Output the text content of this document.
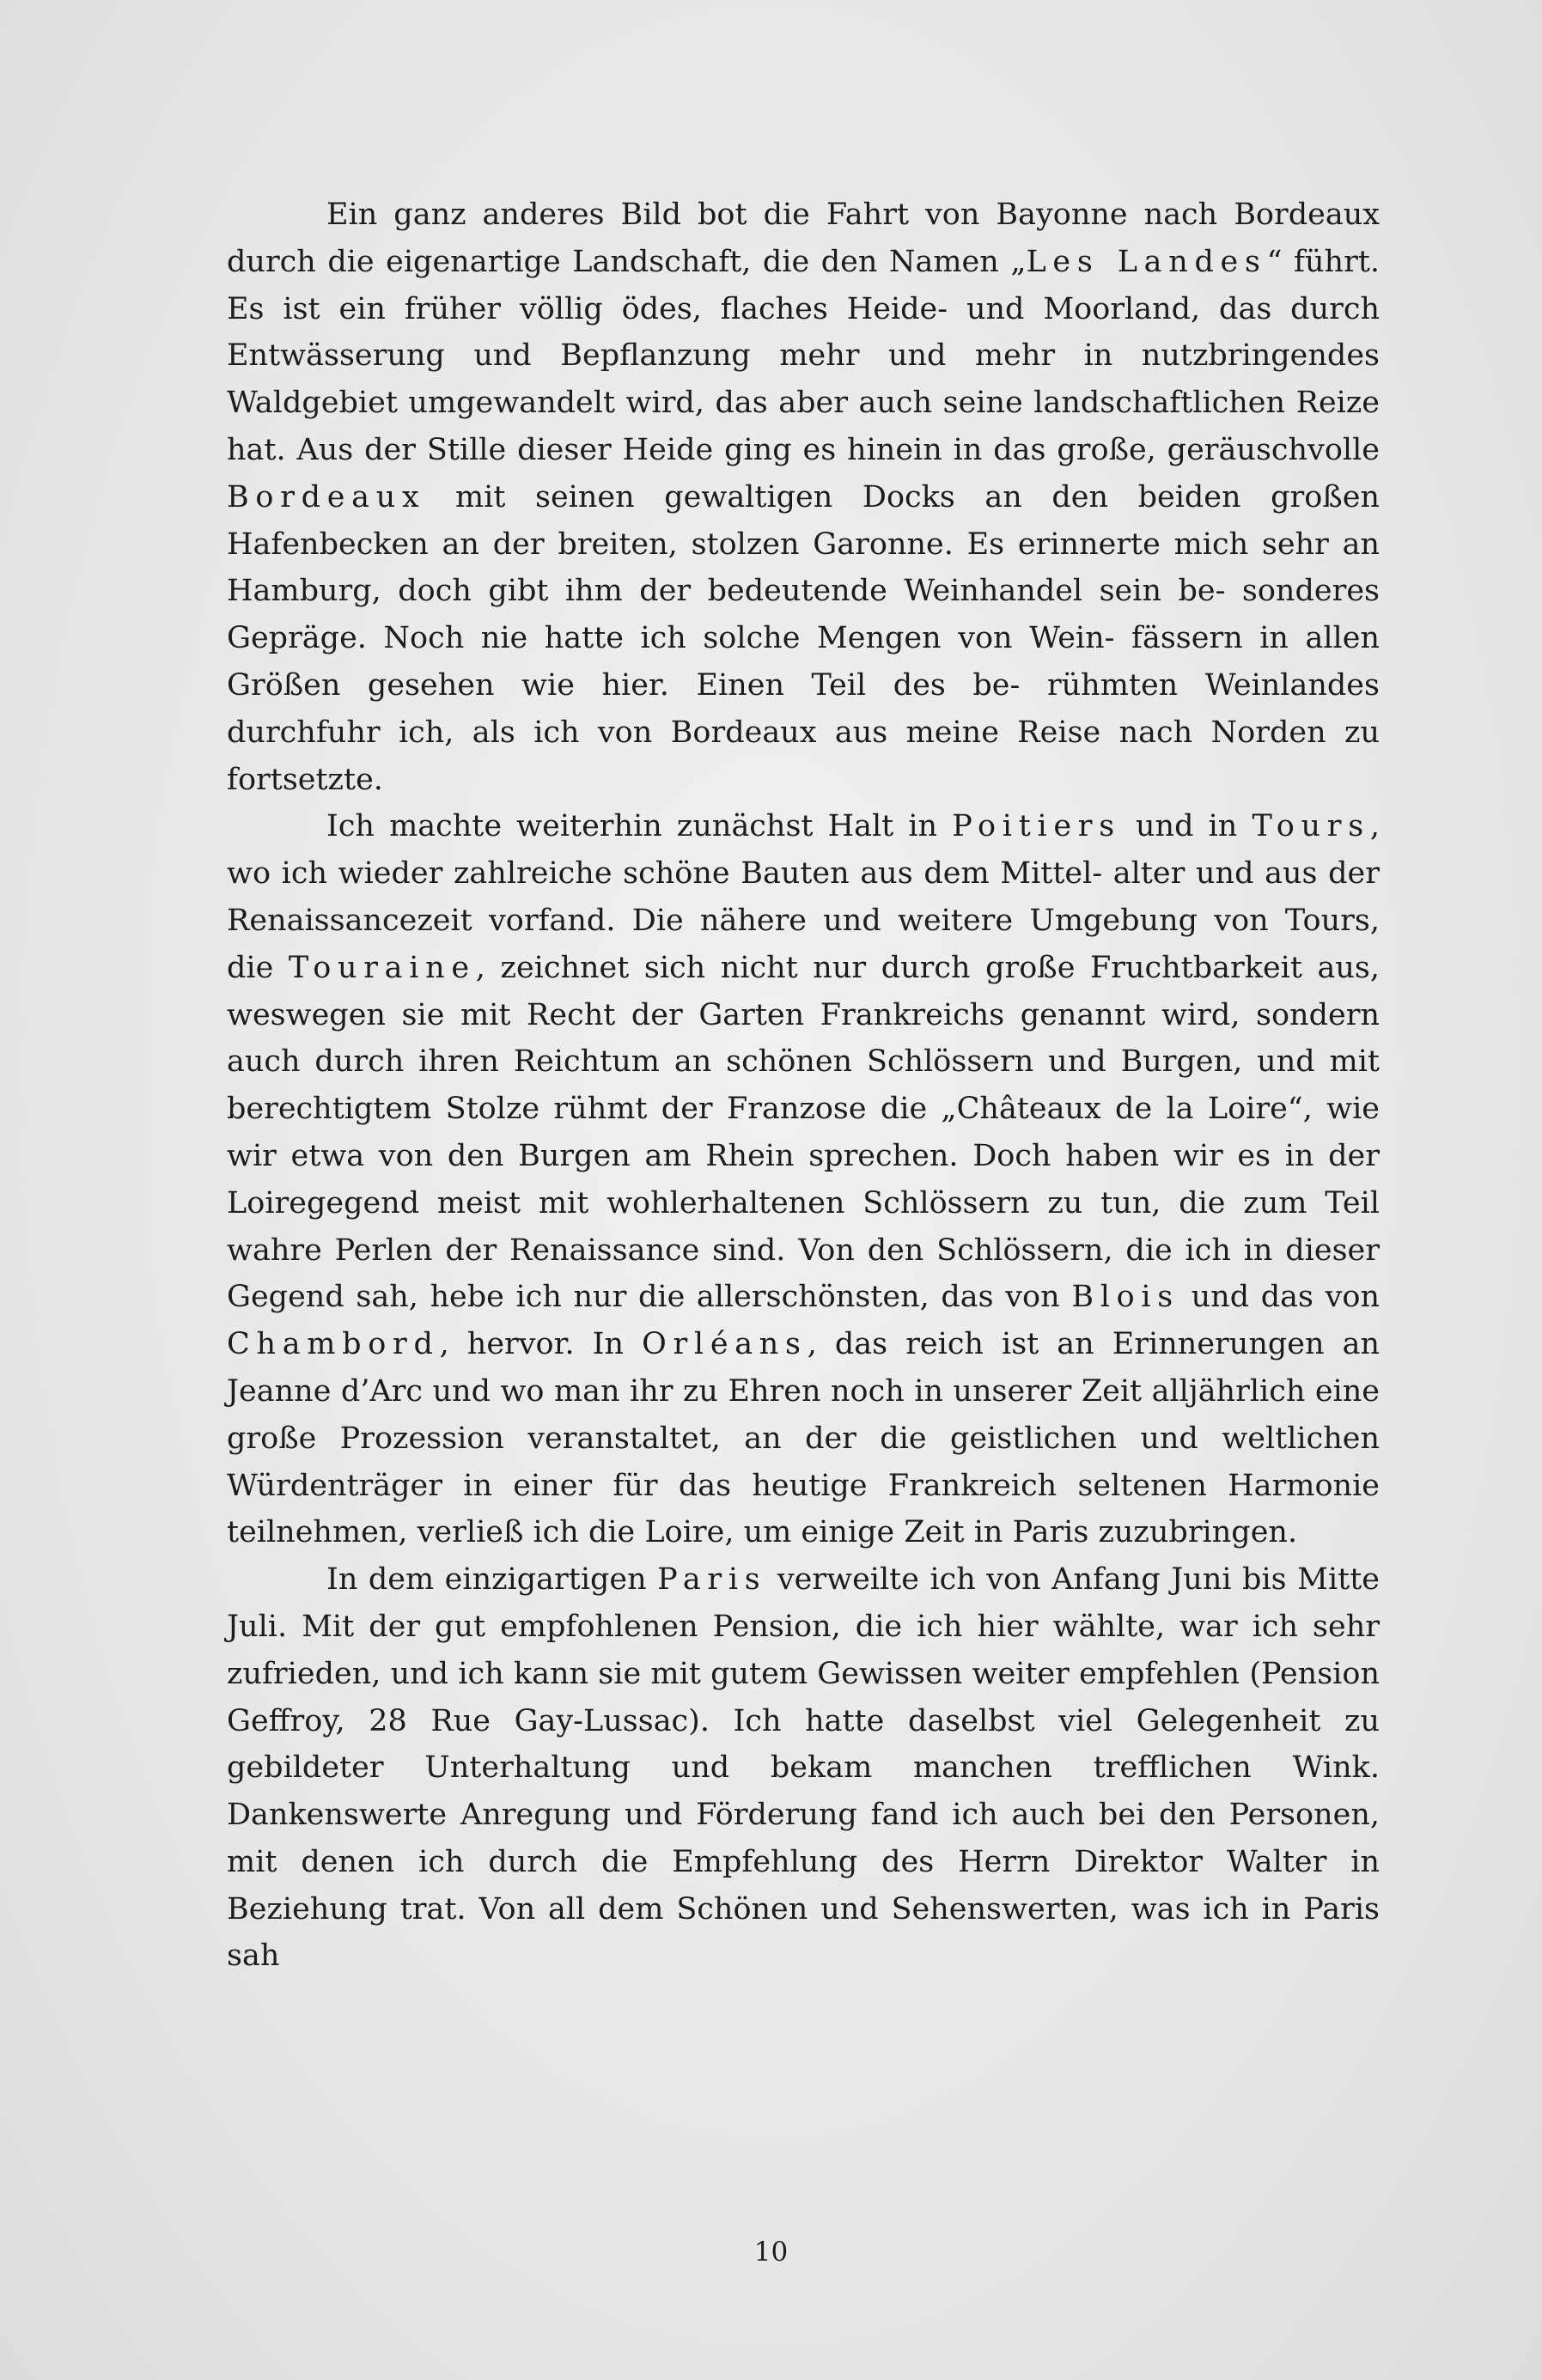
Ein ganz anderes Bild bot die Fahrt von Bayonne nach Bordeaux durch die eigenartige Landschaft, die den Namen „Les Landes“ führt. Es ist ein früher völlig ödes, flaches Heide- und Moorland, das durch Entwässerung und Bepflanzung mehr und mehr in nutzbringendes Waldgebiet umgewandelt wird, das aber auch seine landschaftlichen Reize hat. Aus der Stille dieser Heide ging es hinein in das große, geräuschvolle Bordeaux mit seinen gewaltigen Docks an den beiden großen Hafenbecken an der breiten, stolzen Garonne. Es erinnerte mich sehr an Hamburg, doch gibt ihm der bedeutende Weinhandel sein be- sonderes Gepräge. Noch nie hatte ich solche Mengen von Wein- fässern in allen Größen gesehen wie hier. Einen Teil des be- rühmten Weinlandes durchfuhr ich, als ich von Bordeaux aus meine Reise nach Norden zu fortsetzte.

Ich machte weiterhin zunächst Halt in Poitiers und in Tours, wo ich wieder zahlreiche schöne Bauten aus dem Mittel- alter und aus der Renaissancezeit vorfand. Die nähere und weitere Umgebung von Tours, die Touraine, zeichnet sich nicht nur durch große Fruchtbarkeit aus, weswegen sie mit Recht der Garten Frankreichs genannt wird, sondern auch durch ihren Reichtum an schönen Schlössern und Burgen, und mit berechtigtem Stolze rühmt der Franzose die „Châteaux de la Loire“, wie wir etwa von den Burgen am Rhein sprechen. Doch haben wir es in der Loiregegend meist mit wohlerhaltenen Schlössern zu tun, die zum Teil wahre Perlen der Renaissance sind. Von den Schlössern, die ich in dieser Gegend sah, hebe ich nur die allerschönsten, das von Blois und das von Chambord, hervor. In Orléans, das reich ist an Erinnerungen an Jeanne d’Arc und wo man ihr zu Ehren noch in unserer Zeit alljährlich eine große Prozession veranstaltet, an der die geistlichen und weltlichen Würdenträger in einer für das heutige Frankreich seltenen Harmonie teilnehmen, verließ ich die Loire, um einige Zeit in Paris zuzubringen.

In dem einzigartigen Paris verweilte ich von Anfang Juni bis Mitte Juli. Mit der gut empfohlenen Pension, die ich hier wählte, war ich sehr zufrieden, und ich kann sie mit gutem Gewissen weiter empfehlen (Pension Geffroy, 28 Rue Gay-Lussac). Ich hatte daselbst viel Gelegenheit zu gebildeter Unterhaltung und bekam manchen trefflichen Wink. Dankenswerte Anregung und Förderung fand ich auch bei den Personen, mit denen ich durch die Empfehlung des Herrn Direktor Walter in Beziehung trat. Von all dem Schönen und Sehenswerten, was ich in Paris sah

10
